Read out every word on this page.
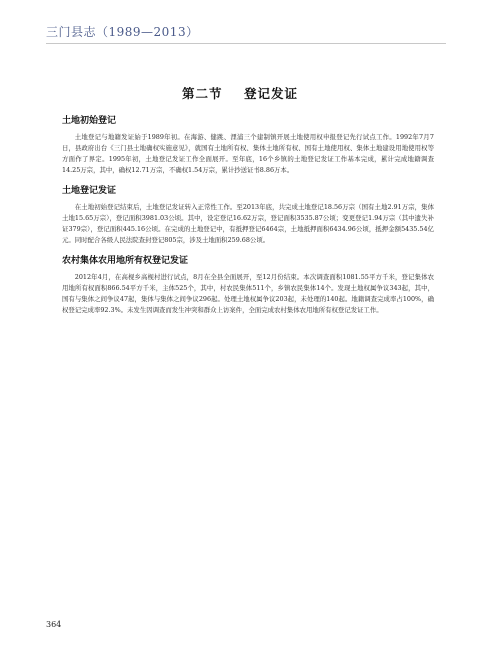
三门县志（1989—2013）
第二节    登记发证
土地初始登记

土地登记与地籍发证始于1989年初。在海游、健跳、浬浦三个建制镇开展土地使用权申报登记先行试点工作。1992年7月7日，县政府出台《三门县土地确权实施意见》，就国有土地所有权、集体土地所有权、国有土地使用权、集体土地建设用地使用权等方面作了界定。1995年初，土地登记发证工作全面展开。至年底，16个乡镇的土地登记发证工作基本完成，累计完成地籍调查14.25万宗，其中，确权12.71万宗，不确权1.54万宗，累计抄送证书8.86万本。

土地登记发证

在土地初始登记结束后，土地登记发证转入正常性工作。至2013年底，共完成土地登记18.56万宗（国有土地2.91万宗，集体土地15.65万宗），登记面积3981.03公顷。其中，设定登记16.62万宗，登记面积3535.87公顷；变更登记1.94万宗（其中遗失补证379宗），登记面积445.16公顷。在完成的土地登记中，有抵押登记6464宗，土地抵押面积6434.96公顷，抵押金额5435.54亿元。同时配合各级人民法院查封登记805宗，涉及土地面积259.68公顷。

农村集体农用地所有权登记发证

2012年4月，在高枧乡高枧村进行试点，8月在全县全面展开，至12月份结束。本次调查面积1081.55平方千米，登记集体农用地所有权面积866.54平方千米，主体525个，其中，村农民集体511个，乡镇农民集体14个。发现土地权属争议343起，其中，国有与集体之间争议47起，集体与集体之间争议296起。处理土地权属争议203起，未处理的140起。地籍调查完成率占100%，确权登记完成率92.3%。未发生因调查而发生冲突和群众上访案件，全面完成农村集体农用地所有权登记发证工作。

364
